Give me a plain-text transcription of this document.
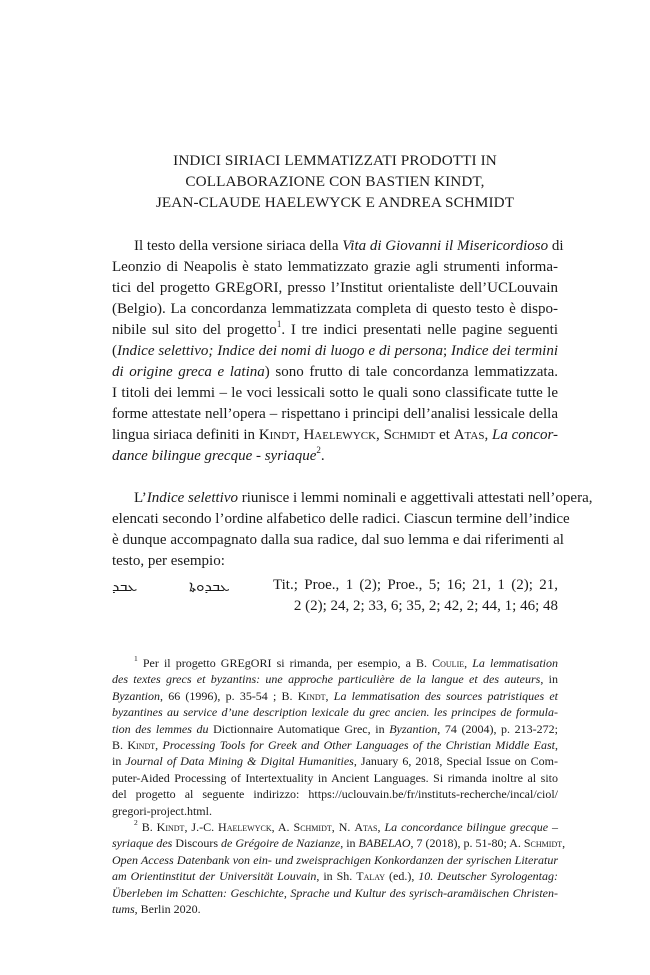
INDICI SIRIACI LEMMATIZZATI PRODOTTI IN
COLLABORAZIONE CON BASTIEN KINDT,
JEAN-CLAUDE HAELEWYCK E ANDREA SCHMIDT
Il testo della versione siriaca della Vita di Giovanni il Misericordioso di
Leonzio di Neapolis è stato lemmatizzato grazie agli strumenti informa-
tici del progetto GREgORI, presso l’Institut orientaliste dell’UCLouvain
(Belgio). La concordanza lemmatizzata completa di questo testo è dispo-
nibile sul sito del progetto$^1$. I tre indici presentati nelle pagine seguenti
(Indice selettivo; Indice dei nomi di luogo e di persona; Indice dei termini
di origine greca e latina) sono frutto di tale concordanza lemmatizzata.
I titoli dei lemmi – le voci lessicali sotto le quali sono classificate tutte le
forme attestate nell’opera – rispettano i principi dell’analisi lessicale della
lingua siriaca definiti in Kindt, Haelewyck, Schmidt et Atas, La concor-
dance bilingue grecque - syriaque$^2$.
L’Indice selettivo riunisce i lemmi nominali e aggettivali attestati nell’opera,
elencati secondo l’ordine alfabetico delle radici. Ciascun termine dell’indice
è dunque accompagnato dalla sua radice, dal suo lemma e dai riferimenti al
testo, per esempio:
ܥܒܕ	ܥܒܕܘܬܐ	Tit.; Proe., 1 (2); Proe., 5; 16; 21, 1 (2); 21,
2 (2); 24, 2; 33, 6; 35, 2; 42, 2; 44, 1; 46; 48
$^1$ Per il progetto GREgORI si rimanda, per esempio, a B. Coulie, La lemmatisation
des textes grecs et byzantins: une approche particulière de la langue et des auteurs, in
Byzantion, 66 (1996), p. 35-54 ; B. Kindt, La lemmatisation des sources patristiques et
byzantines au service d’une description lexicale du grec ancien. les principes de formula-
tion des lemmes du Dictionnaire Automatique Grec, in Byzantion, 74 (2004), p. 213-272;
B. Kindt, Processing Tools for Greek and Other Languages of the Christian Middle East,
in Journal of Data Mining & Digital Humanities, January 6, 2018, Special Issue on Com-
puter-Aided Processing of Intertextuality in Ancient Languages. Si rimanda inoltre al sito
del progetto al seguente indirizzo: https://uclouvain.be/fr/instituts-recherche/incal/ciol/
gregori-project.html.
$^2$ B. Kindt, J.-C. Haelewyck, A. Schmidt, N. Atas, La concordance bilingue grecque –
syriaque des Discours de Grégoire de Nazianze, in BABELAO, 7 (2018), p. 51-80; A. Schmidt,
Open Access Datenbank von ein- und zweisprachigen Konkordanzen der syrischen Literatur
am Orientinstitut der Universität Louvain, in Sh. Talay (ed.), 10. Deutscher Syrologentag:
Überleben im Schatten: Geschichte, Sprache und Kultur des syrisch-aramäischen Christen-
tums, Berlin 2020.
